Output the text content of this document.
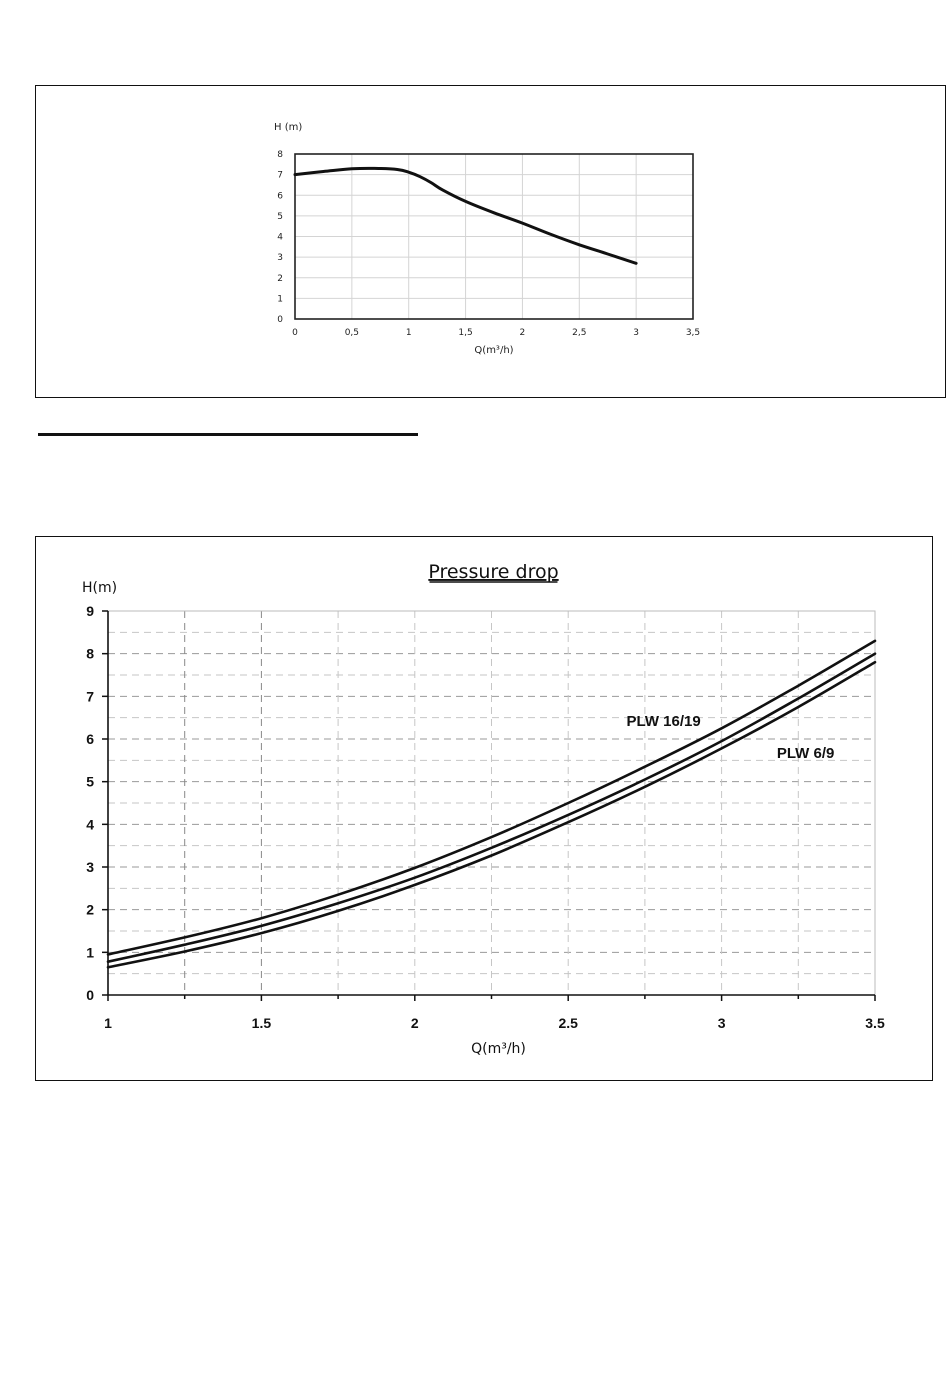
0
1
2
3
4
5
6
7
8
0	0,5	1	1,5	2	2,5	3	3,5
H (m)
Q(m³/h)
0
1
2
3
4
5
6
7
8
9
1	1.5	2	2.5	3	3.5
H(m)
Q(m³/h)
Pressure drop
PLW 16/19
PLW 6/9
